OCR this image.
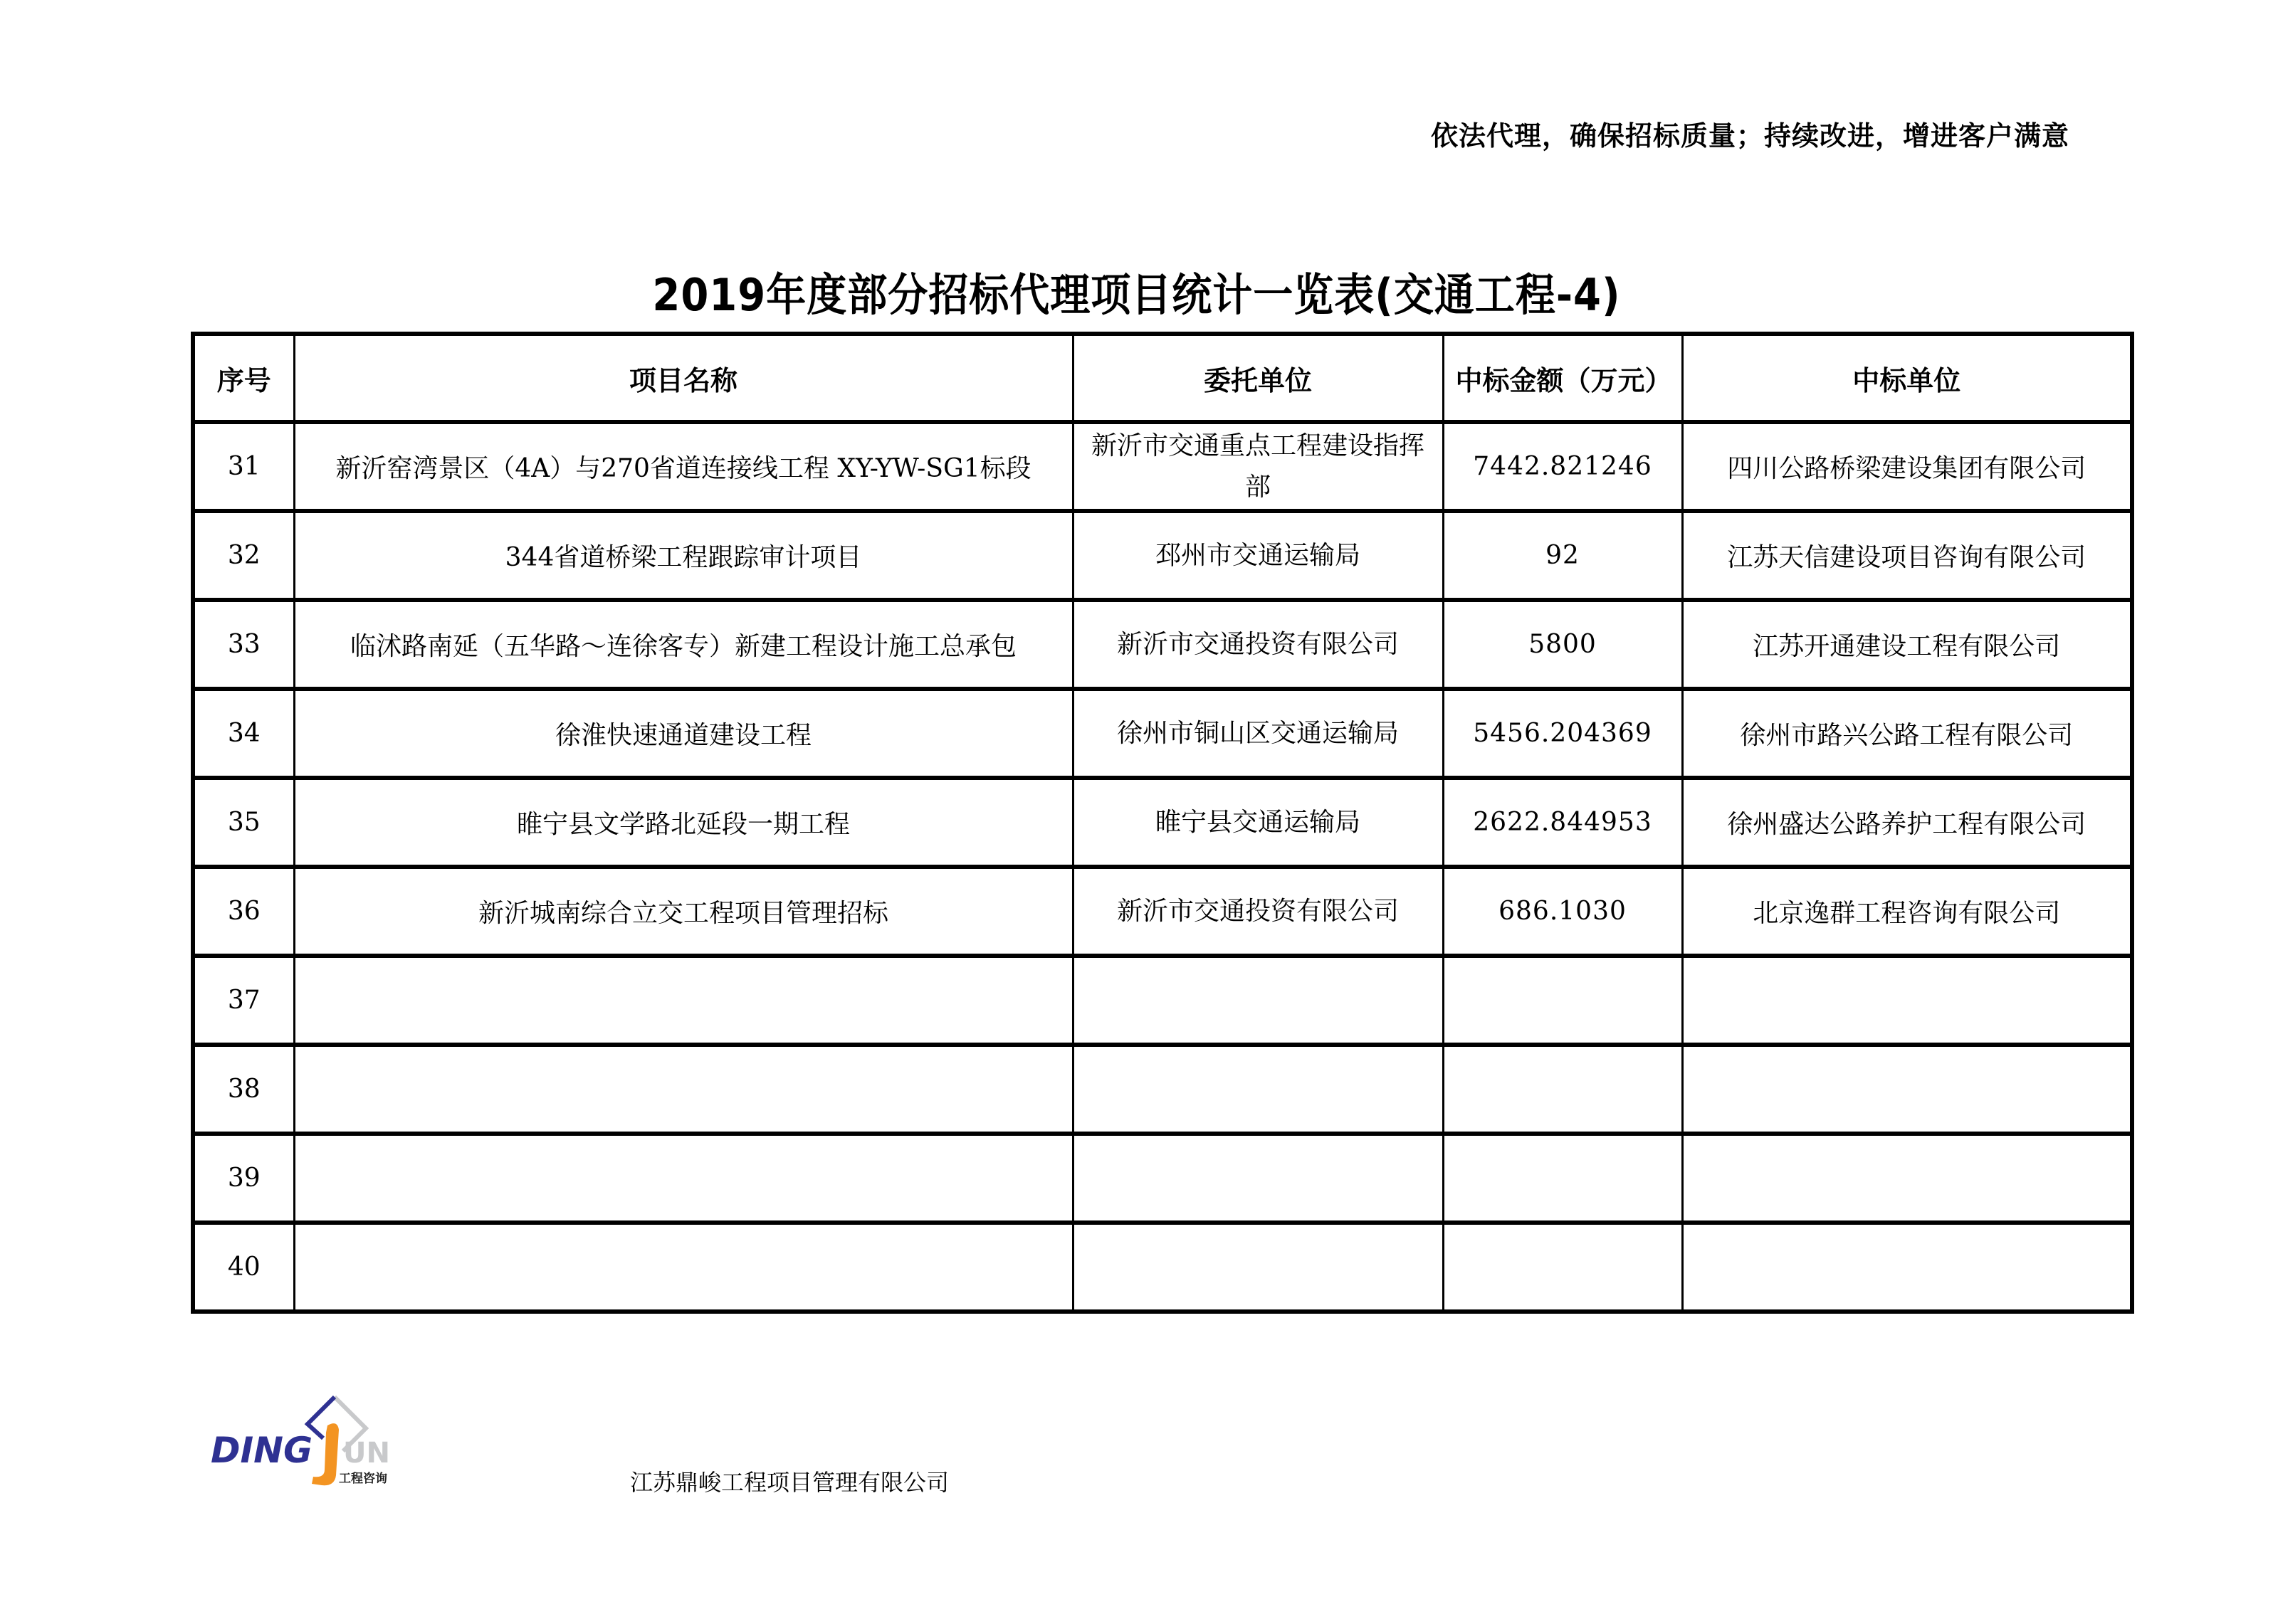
依法代理，确保招标质量；持续改进，增进客户满意
2019年度部分招标代理项目统计一览表(交通工程-4)
序号	项目名称	委托单位	中标金额（万元）	中标单位
31	新沂窑湾景区（4A）与270省道连接线工程 XY-YW-SG1标段	新沂市交通重点工程建设指挥部	7442.821246	四川公路桥梁建设集团有限公司
32	344省道桥梁工程跟踪审计项目	邳州市交通运输局	92	江苏天信建设项目咨询有限公司
33	临沭路南延（五华路～连徐客专）新建工程设计施工总承包	新沂市交通投资有限公司	5800	江苏开通建设工程有限公司
34	徐淮快速通道建设工程	徐州市铜山区交通运输局	5456.204369	徐州市路兴公路工程有限公司
35	睢宁县文学路北延段一期工程	睢宁县交通运输局	2622.844953	徐州盛达公路养护工程有限公司
36	新沂城南综合立交工程项目管理招标	新沂市交通投资有限公司	686.1030	北京逸群工程咨询有限公司
37				
38				
39				
40				
DING UN
工程咨询	江苏鼎峻工程项目管理有限公司
